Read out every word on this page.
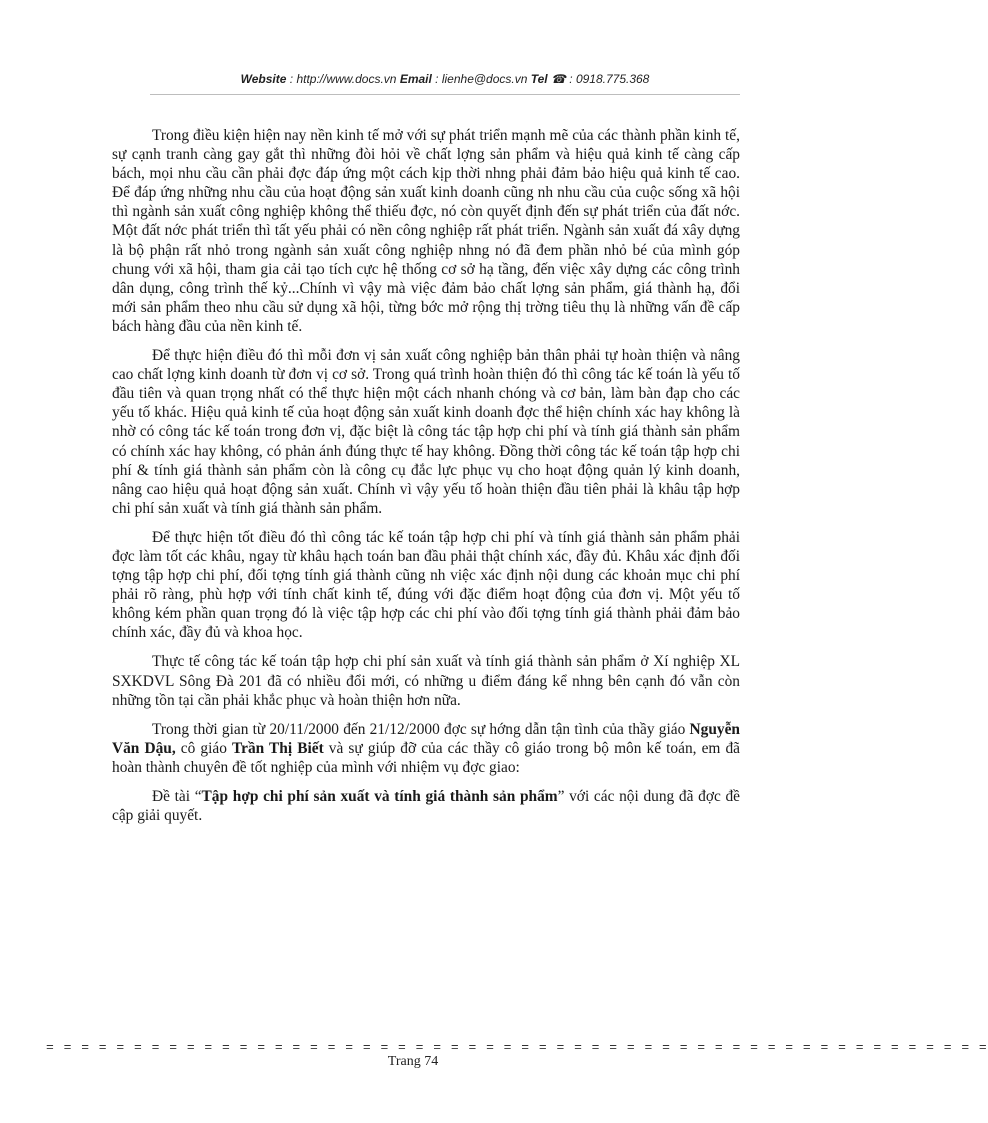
Website : http://www.docs.vn Email : lienhe@docs.vn Tel ☎ : 0918.775.368

Trong điều kiện hiện nay nền kinh tế mở với sự phát triển mạnh mẽ của các thành phần kinh tế, sự cạnh tranh càng gay gắt thì những đòi hỏi về chất lợng sản phẩm và hiệu quả kinh tế càng cấp bách, mọi nhu cầu cần phải đợc đáp ứng một cách kịp thời nhng phải đảm bảo hiệu quả kinh tế cao. Để đáp ứng những nhu cầu của hoạt động sản xuất kinh doanh cũng nh nhu cầu của cuộc sống xã hội thì ngành sản xuất công nghiệp không thể thiếu đợc, nó còn quyết định đến sự phát triển của đất nớc. Một đất nớc phát triển thì tất yếu phải có nền công nghiệp rất phát triển. Ngành sản xuất đá xây dựng là bộ phận rất nhỏ trong ngành sản xuất công nghiệp nhng nó đã đem phần nhỏ bé của mình góp chung với xã hội, tham gia cải tạo tích cực hệ thống cơ sở hạ tầng, đến việc xây dựng các công trình dân dụng, công trình thế kỷ...Chính vì vậy mà việc đảm bảo chất lợng sản phẩm, giá thành hạ, đổi mới sản phẩm theo nhu cầu sử dụng xã hội, từng bớc mở rộng thị trờng tiêu thụ là những vấn đề cấp bách hàng đầu của nền kinh tế.

Để thực hiện điều đó thì mỗi đơn vị sản xuất công nghiệp bản thân phải tự hoàn thiện và nâng cao chất lợng kinh doanh từ đơn vị cơ sở. Trong quá trình hoàn thiện đó thì công tác kế toán là yếu tố đầu tiên và quan trọng nhất có thể thực hiện một cách nhanh chóng và cơ bản, làm bàn đạp cho các yếu tố khác. Hiệu quả kinh tế của hoạt động sản xuất kinh doanh đợc thể hiện chính xác hay không là nhờ có công tác kế toán trong đơn vị, đặc biệt là công tác tập hợp chi phí và tính giá thành sản phẩm có chính xác hay không, có phản ánh đúng thực tế hay không. Đồng thời công tác kế toán tập hợp chi phí & tính giá thành sản phẩm còn là công cụ đắc lực phục vụ cho hoạt động quản lý kinh doanh, nâng cao hiệu quả hoạt động sản xuất. Chính vì vậy yếu tố hoàn thiện đầu tiên phải là khâu tập hợp chi phí sản xuất và tính giá thành sản phẩm.

Để thực hiện tốt điều đó thì công tác kế toán tập hợp chi phí và tính giá thành sản phẩm phải đợc làm tốt các khâu, ngay từ khâu hạch toán ban đầu phải thật chính xác, đầy đủ. Khâu xác định đối tợng tập hợp chi phí, đối tợng tính giá thành cũng nh việc xác định nội dung các khoản mục chi phí phải rõ ràng, phù hợp với tính chất kinh tế, đúng với đặc điểm hoạt động của đơn vị. Một yếu tố không kém phần quan trọng đó là việc tập hợp các chi phí vào đối tợng tính giá thành phải đảm bảo chính xác, đầy đủ và khoa học.

Thực tế công tác kế toán tập hợp chi phí sản xuất và tính giá thành sản phẩm ở Xí nghiệp XL SXKDVL Sông Đà 201 đã có nhiều đổi mới, có những u điểm đáng kể nhng bên cạnh đó vẫn còn những tồn tại cần phải khắc phục và hoàn thiện hơn nữa.

Trong thời gian từ 20/11/2000 đến 21/12/2000 đợc sự hớng dẫn tận tình của thầy giáo Nguyễn Văn Dậu, cô giáo Trần Thị Biết và sự giúp đỡ của các thầy cô giáo trong bộ môn kế toán, em đã hoàn thành chuyên đề tốt nghiệp của mình với nhiệm vụ đợc giao:

Đề tài “Tập hợp chi phí sản xuất và tính giá thành sản phẩm” với các nội dung đã đợc đề cập giải quyết.

= = = = = = = = = = = = = = = = = = = = = = = = = = = = = = = = = = = = = = = = = = = = = = = = = = = = = =
Trang 74
